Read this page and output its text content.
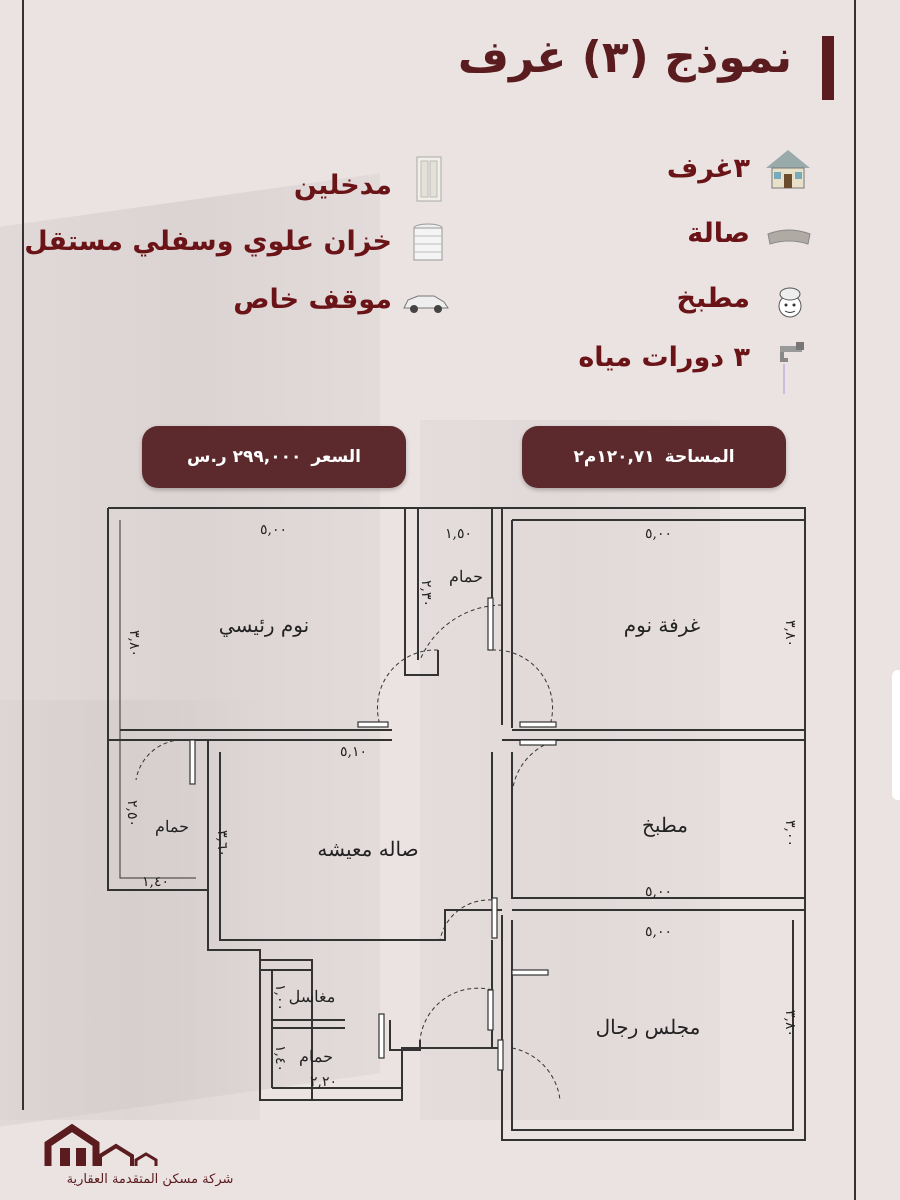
نموذج (٣) غرف
٣غرف
صالة
مطبخ
٣ دورات مياه
مدخلين
خزان علوي وسفلي مستقل
موقف خاص
المساحة
١٢٠,٧١م٢
السعر
٢٩٩,٠٠٠ ر.س
٥,٠٠
٣,٨٠
١,٥٠
٢,٣٠
٥,٠٠
٣,٨٠
٥,١٠
٣,٦٠
٢,٥٠
١,٤٠
٣,٠٠
٥,٠٠
٥,٠٠
٣,٨٠
١,٠٠
١,٤٠
٢,٢٠
نوم رئيسي
حمام
غرفة نوم
حمام
صاله معيشه
مطبخ
مغاسل
حمام
مجلس رجال
شركة مسكن المتقدمة العقارية
